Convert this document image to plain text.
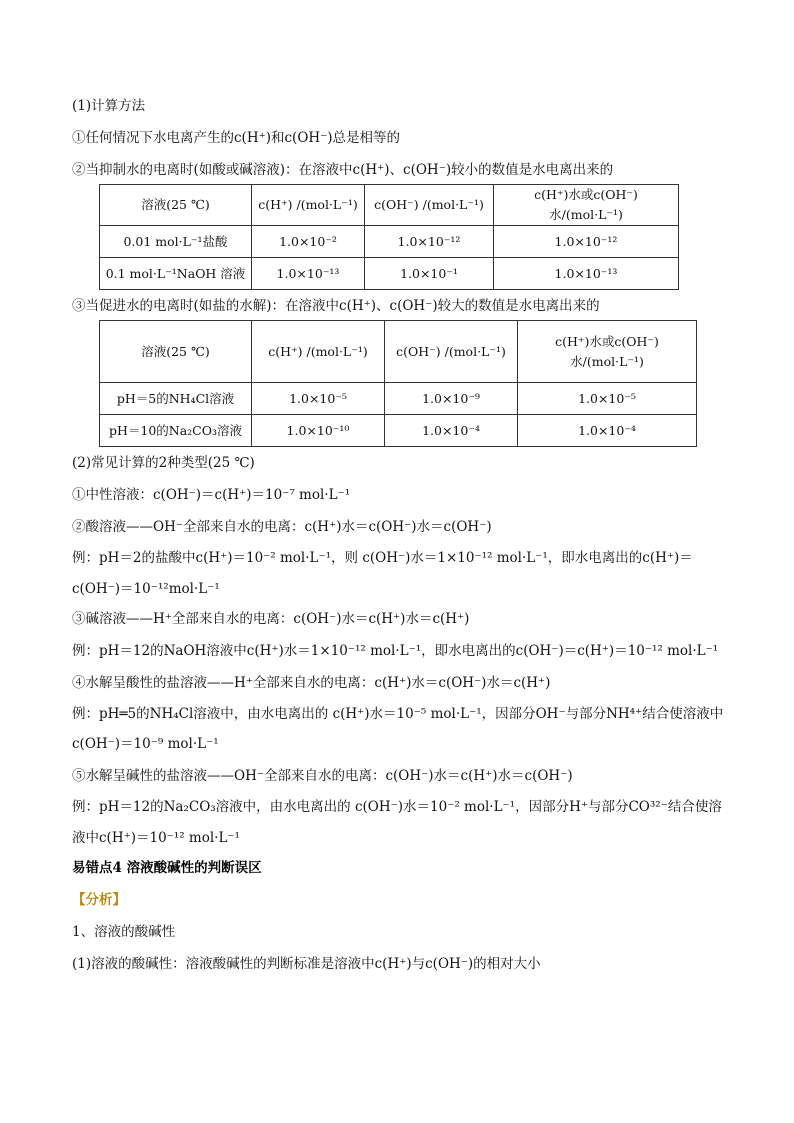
(1)计算方法
①任何情况下水电离产生的c(H⁺)和c(OH⁻)总是相等的
②当抑制水的电离时(如酸或碱溶液)：在溶液中c(H⁺)、c(OH⁻)较小的数值是水电离出来的
溶液(25 ℃)	c(H⁺) /(mol·L⁻¹)	c(OH⁻) /(mol·L⁻¹)	c(H⁺)水或c(OH⁻)水/(mol·L⁻¹)
0.01 mol·L⁻¹盐酸	1.0×10⁻²	1.0×10⁻¹²	1.0×10⁻¹²
0.1 mol·L⁻¹NaOH 溶液	1.0×10⁻¹³	1.0×10⁻¹	1.0×10⁻¹³
③当促进水的电离时(如盐的水解)：在溶液中c(H⁺)、c(OH⁻)较大的数值是水电离出来的
溶液(25 ℃)	c(H⁺) /(mol·L⁻¹)	c(OH⁻) /(mol·L⁻¹)	c(H⁺)水或c(OH⁻)水/(mol·L⁻¹)
pH＝5的NH₄Cl溶液	1.0×10⁻⁵	1.0×10⁻⁹	1.0×10⁻⁵
pH＝10的Na₂CO₃溶液	1.0×10⁻¹⁰	1.0×10⁻⁴	1.0×10⁻⁴
(2)常见计算的2种类型(25 ℃)
①中性溶液：c(OH⁻)＝c(H⁺)＝10⁻⁷ mol·L⁻¹
②酸溶液——OH⁻全部来自水的电离：c(H⁺)水＝c(OH⁻)水＝c(OH⁻)
例：pH＝2的盐酸中c(H⁺)＝10⁻² mol·L⁻¹，则 c(OH⁻)水＝1×10⁻¹² mol·L⁻¹，即水电离出的c(H⁺)＝c(OH⁻)＝10⁻¹²mol·L⁻¹
③碱溶液——H⁺全部来自水的电离：c(OH⁻)水＝c(H⁺)水＝c(H⁺)
例：pH＝12的NaOH溶液中c(H⁺)水＝1×10⁻¹² mol·L⁻¹，即水电离出的c(OH⁻)＝c(H⁺)＝10⁻¹² mol·L⁻¹
④水解呈酸性的盐溶液——H⁺全部来自水的电离：c(H⁺)水＝c(OH⁻)水＝c(H⁺)
例：pH═5的NH₄Cl溶液中，由水电离出的 c(H⁺)水＝10⁻⁵ mol·L⁻¹，因部分OH⁻与部分NH⁴⁺结合使溶液中
c(OH⁻)＝10⁻⁹ mol·L⁻¹
⑤水解呈碱性的盐溶液——OH⁻全部来自水的电离：c(OH⁻)水＝c(H⁺)水＝c(OH⁻)
例：pH＝12的Na₂CO₃溶液中，由水电离出的 c(OH⁻)水＝10⁻² mol·L⁻¹，因部分H⁺与部分CO³²⁻结合使溶液中c(H⁺)＝10⁻¹² mol·L⁻¹
易错点4 溶液酸碱性的判断误区
【分析】
1、溶液的酸碱性
(1)溶液的酸碱性：溶液酸碱性的判断标准是溶液中c(H⁺)与c(OH⁻)的相对大小
